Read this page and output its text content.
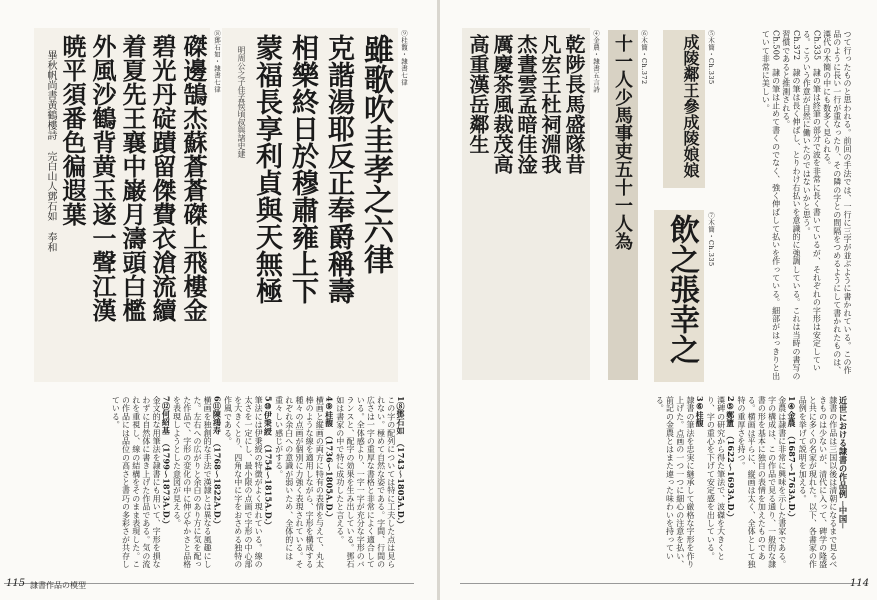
雖歌吹圭孝之六律
克諧湯耶反正奉爵稱壽
相樂終日於穆肅雍上下
蒙福長享利貞與天無極
明周公之子佳孟侯頃叔與諸史建	⑨桂馥・隷書七律
磔邊鵠杰蘇蒼蒼磔上飛樓金
碧光丹碇蹟留傑費衣滄流續
着夏先王襄中巌月濤頭白檻
外風沙鶴背黄玉遂一聲江漢
暁平須番色徧遐葉
畢秋帆尚書黄鶴樓詩 完白山人鄧石如 奉和	⑧鄧石如・隷書七律
1⑧鄧石如　（1743〜1805A.D.）
この字の配列については特に工夫した点は見られない。極めて自然な姿である。字間、行間の広さは一字の重厚な書格と非常によく適合している。全体感より、一字一字が充分な字形のバランスと、配字の効果を生み出している。鄧石如は書家の中で特に成功したと言える。
4⑨桂馥　（1736〜1805A.D.）
横画と縦画の両方に特有の表情を与えて、丸太棒のような線を適用しながら、字形を構成する種々の点画が個別に力強く表現されている。それぞれ余白への意識が弱いため、全体的には重々しい感じがする。
5⑩伊秉綬　（1754〜1815A.D.）
筆法には伊秉綬の特徴がよく現れている。線の太さを一定にし、最小限の点画で字形の中心部を大きくとり、四角な中に字をおさめる独特の作風である。
6⑪陳鴻寿　（1768〜1822A.D.）
横画を独創的な手法で漢隷とは異なる風趣にした。左右への広がりと余白のあり方に気を配った作品で、字形の変化の中に伸びやかさと品格を表現しようとした意図が見える。
7⑫何紹基　（1799〜1873A.D.）
金文的な用筆法を隷書にも用いて、字形を損なわずに自然体に書き上げた作品である。気の流れを重視し、線の結構をそのまま表現した。この作品には品位の高さと書巧の多彩さが共存している。
115 隷書作品の模型
乾陟長馬盛隊昔
凡宏王杜祠淵我
杰晝雲孟暗佳淦
厲慶茶風裁茂高
高重漢岳鄰生	④金農・隷書五言詩 十一人少馬事吏五十一人為	⑥木簡・Ch.372 成陵鄰王參成陵娘娘 ⑤木簡・Ch.335
飲之張幸之 ⑦木簡・Ch.335	つて行ったものと思われる。前回の手法では、一行に三字が並ぶように書かれている。この作品のように長い一行が重なったり、その隣の字との間隔をつめるようにして書かれたものは、漢代の木簡の中にも数多く見られる。
Ch.335　隷の筆は終筆の部分で波を非常に長く書いているが、それぞれの字形は安定している。こういう作意が自然に働いたのではないかと思う。
Ch.372　隷の筆は長く伸ばし、とりわけ右払いを意識的に強調している。これは当時の書写の習慣であると推測される。
Ch.500　隷の筆は止めて書くのでなく、強く伸ばして払いを作っている。細部がはっきりと出ていて非常に美しい。
近世における隷書の作品例 ─中国─
隷書の作品は三国以後は清朝になるまで見るべきものは少ないが、清代に入って、碑学の隆盛と共に多くの名家が現れた。以下、各書家の作品例を挙げて説明を加える。
1④金農　（1687〜1763A.D.）
金農は隷書に非常に興味を示した書家である。字の構成は、この作品で見る通り、一般的な隷書の形を基本に独自の表情を加えたものである。横画は平らに、縦画は太く、全体として独特の重厚さを持つ。
2⑤鄭簠　（1622〜1693A.D.）
漢碑の研究から得た筆法で、波磔を大きくとり、字の重心を下げて安定感を出している。
3⑥桂馥
隷書の筆法を忠実に継承して厳格な字形を作り上げた。点画の一つ一つに細心の注意を払い、前記の金農とはまた違った味わいを持っている。
114
